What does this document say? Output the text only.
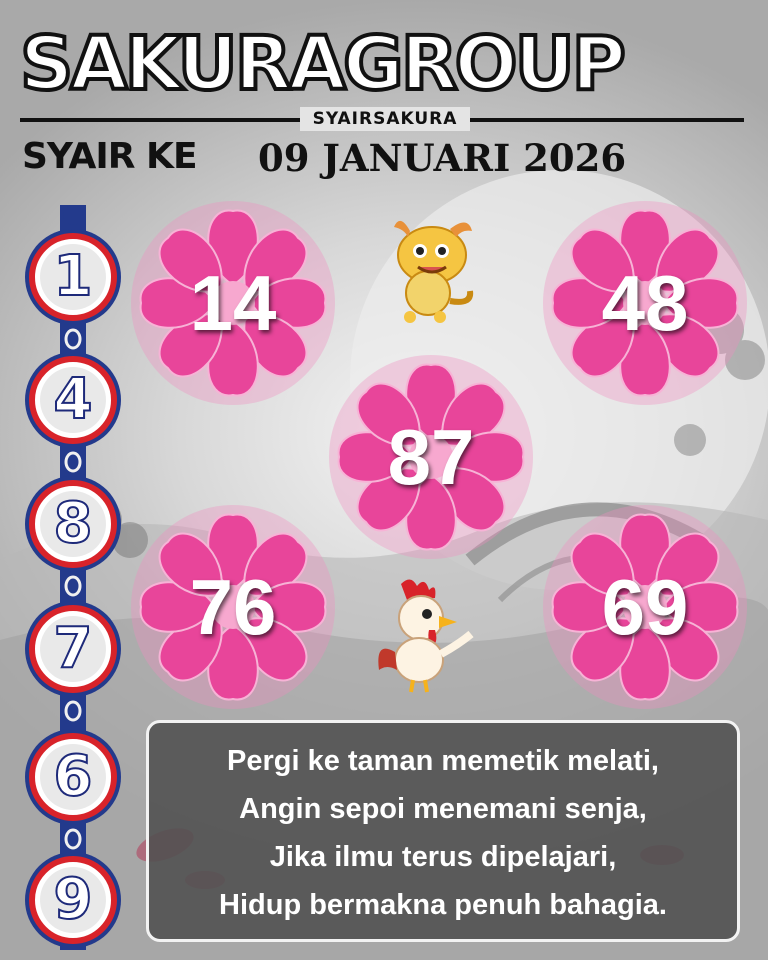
SAKURAGROUP
SYAIRSAKURA
SYAIR KE 09 JANUARI 2026
1
4
8
7
6
9
14	48
87
76	69
Pergi ke taman memetik melati,
Angin sepoi menemani senja,
Jika ilmu terus dipelajari,
Hidup bermakna penuh bahagia.
